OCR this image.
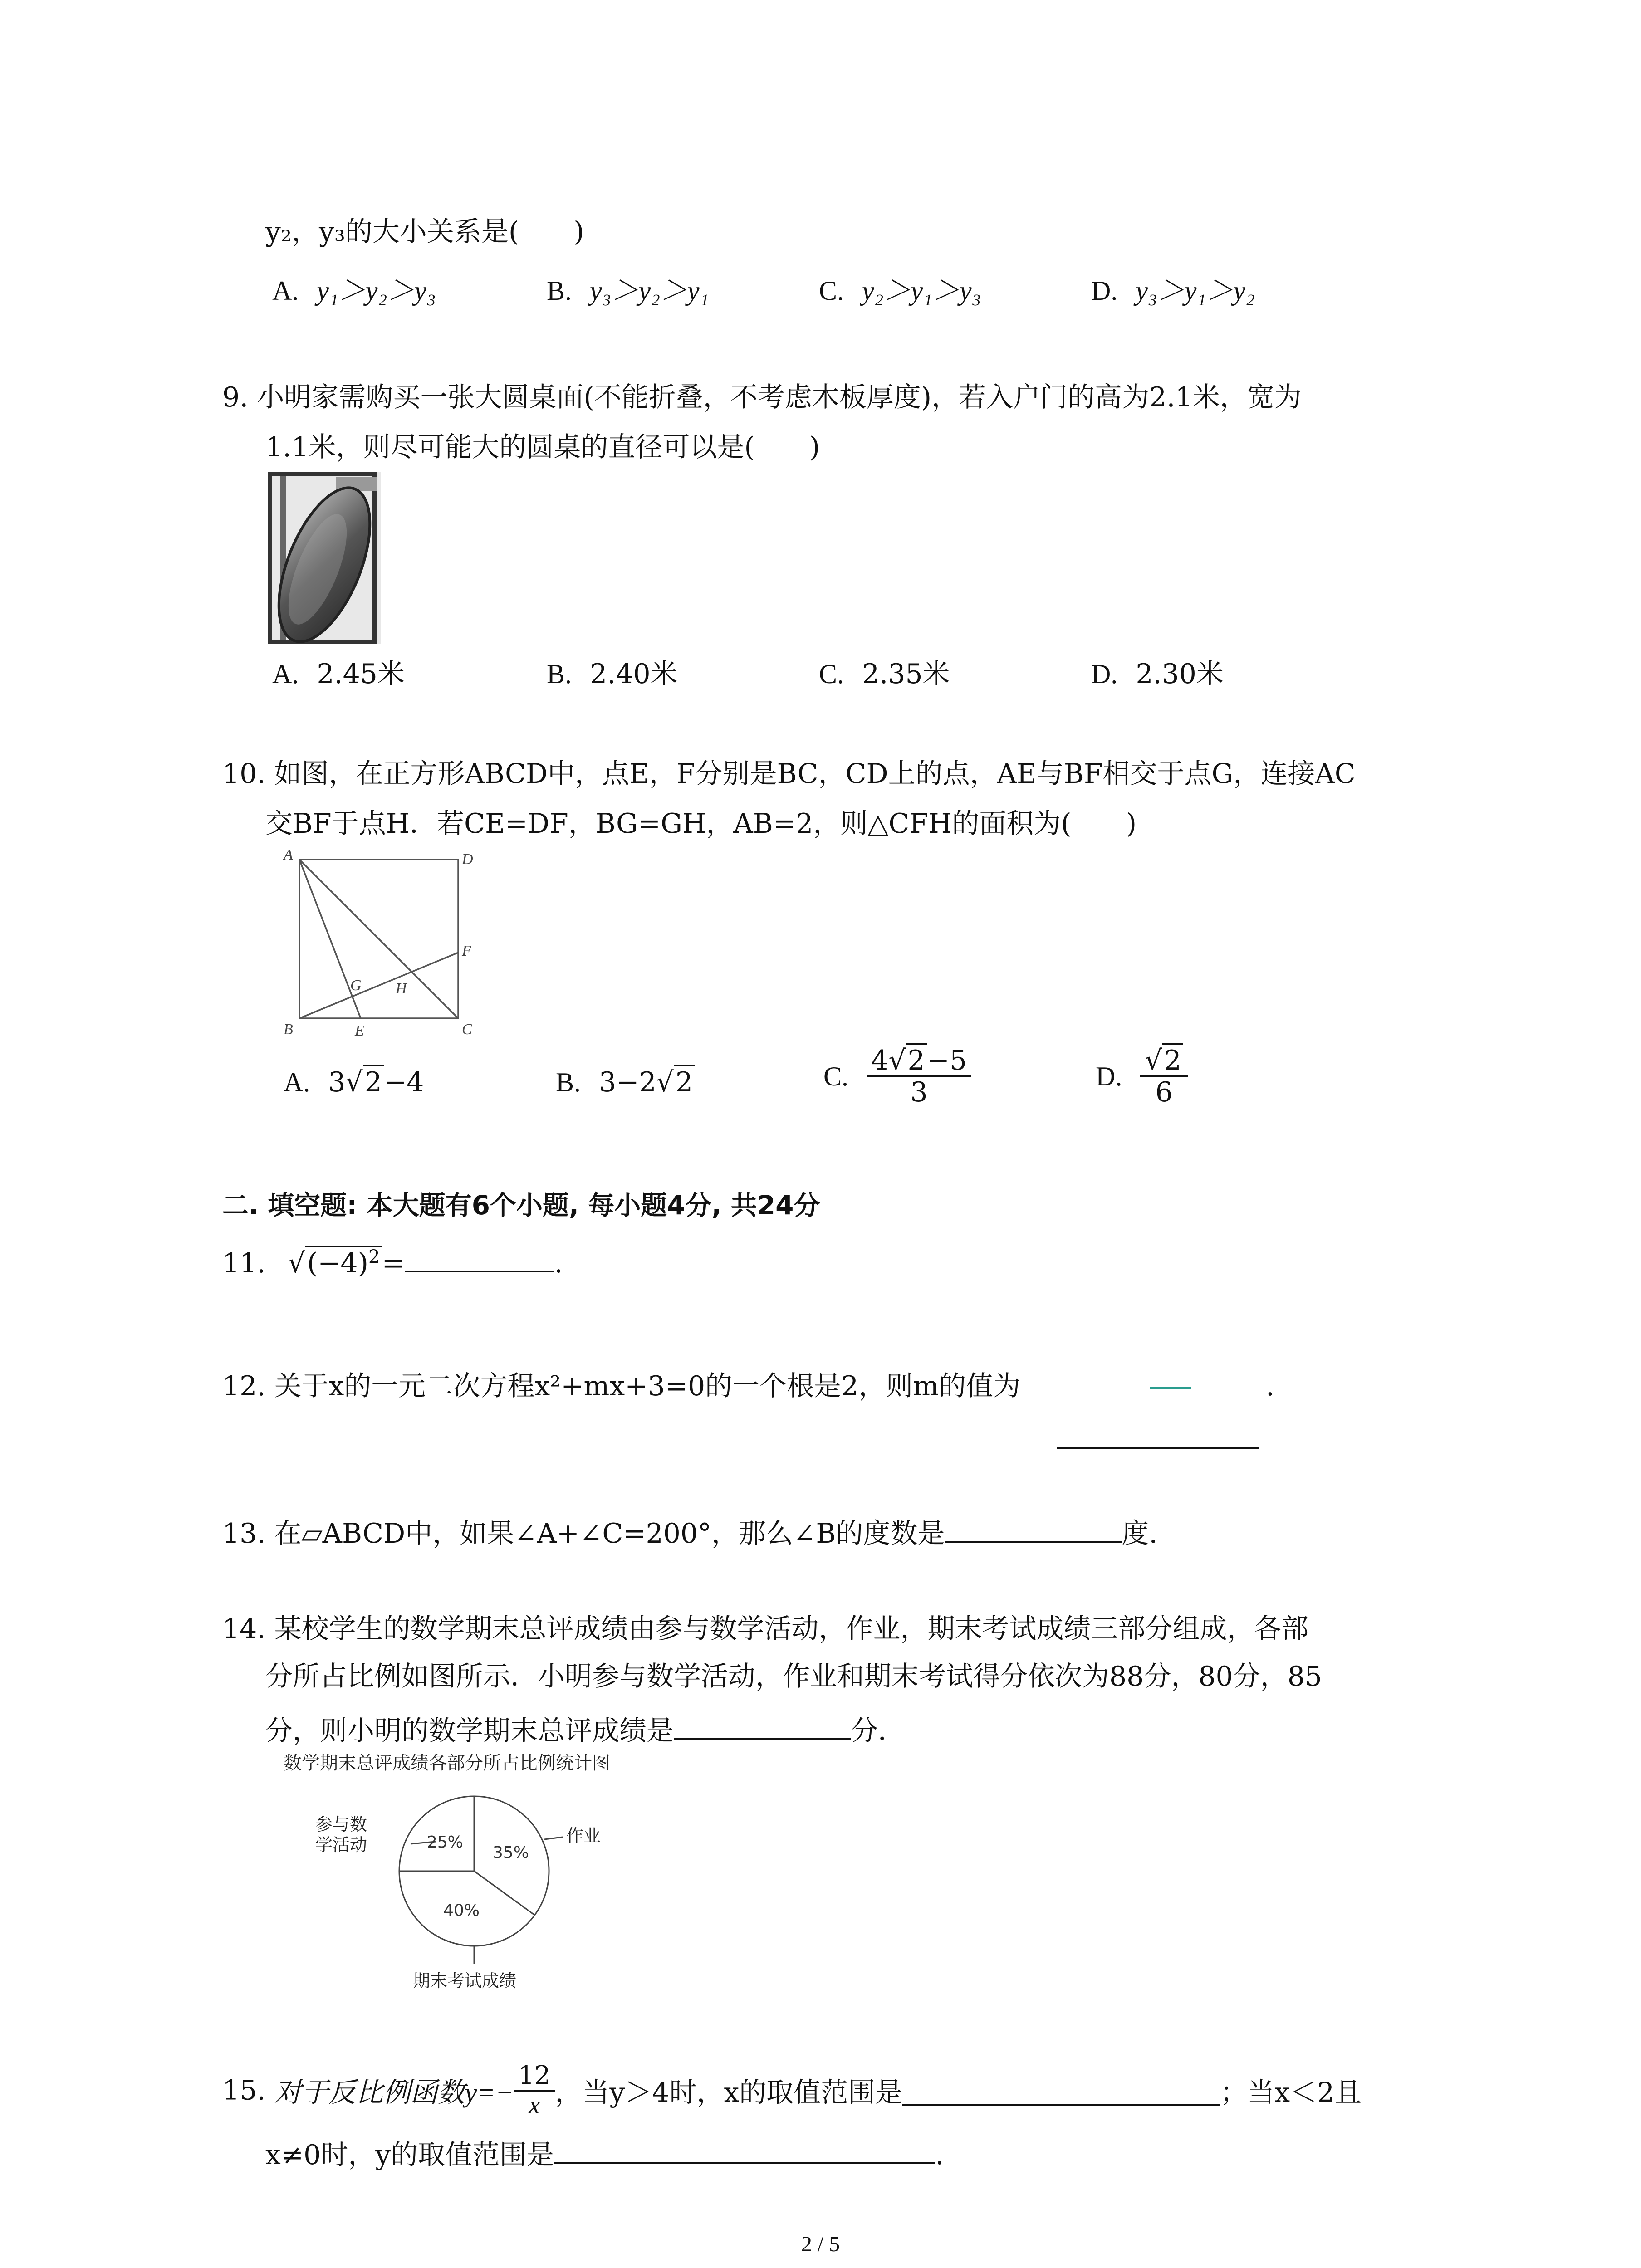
y₂，y₃的大小关系是(　　)
A. y₁＞y₂＞y₃	B. y₃＞y₂＞y₁	C. y₂＞y₁＞y₃	D. y₃＞y₁＞y₂
9. 小明家需购买一张大圆桌面(不能折叠，不考虑木板厚度)，若入户门的高为2.1米，宽为
1.1米，则尽可能大的圆桌的直径可以是(　　)
A. 2.45米	B. 2.40米	C. 2.35米	D. 2.30米
10. 如图，在正方形ABCD中，点E，F分别是BC，CD上的点，AE与BF相交于点G，连接AC
交BF于点H．若CE=DF，BG=GH，AB=2，则△CFH的面积为(　　)
A	D
B	C
E
F
G H
A. 3√2−4	B. 3−2√2	C. $\frac{4√2-5}{3}$	D. $\frac{√2}{6}$
二. 填空题: 本大题有6个小题, 每小题4分, 共24分
11. $√(-4)^2=$	.
12. 关于x的一元二次方程x²+mx+3=0的一个根是2，则m的值为	.
13. 在▱ABCD中，如果∠A+∠C=200°，那么∠B的度数是	度.
14. 某校学生的数学期末总评成绩由参与数学活动，作业，期末考试成绩三部分组成，各部
分所占比例如图所示．小明参与数学活动，作业和期末考试得分依次为88分，80分，85
分，则小明的数学期末总评成绩是	分．
数学期末总评成绩各部分所占比例统计图
参与数
学活动	作业
期末考试成绩
25%
35%
40%
15. 对于反比例函数$y=- \frac{12}{x}$ ，当y＞4时，x的取值范围是	；当x＜2且
x≠0时，y的取值范围是	.
2 / 5
